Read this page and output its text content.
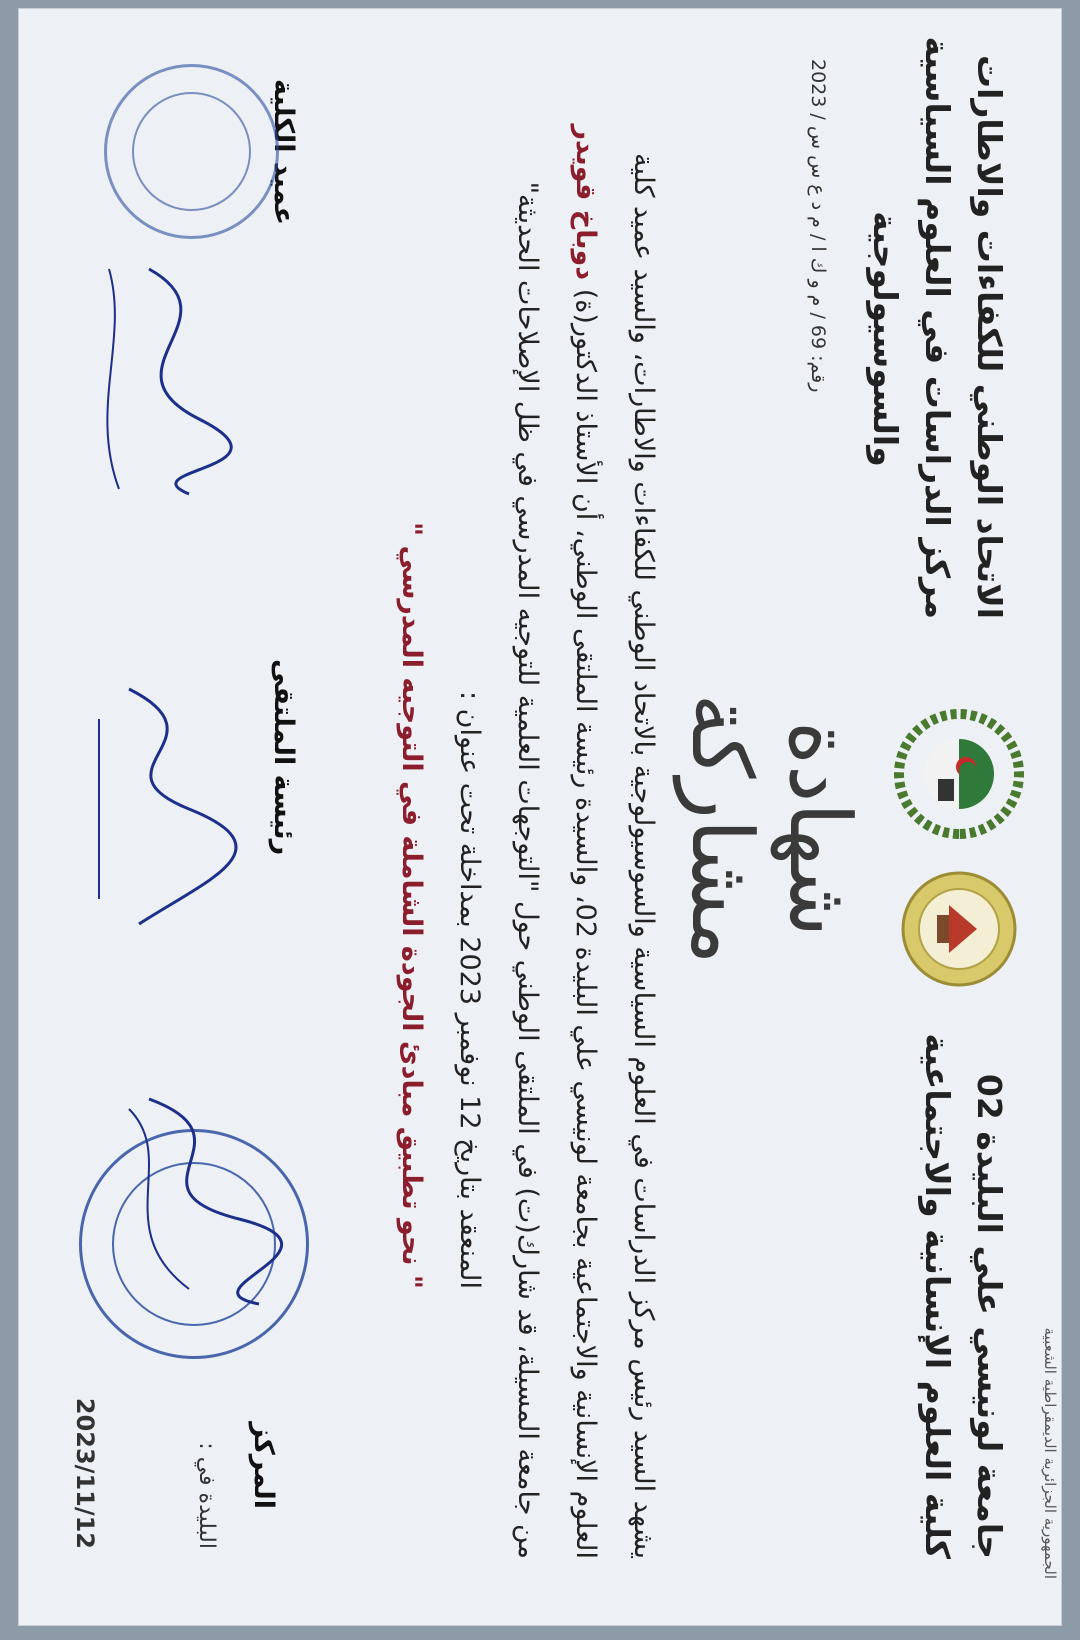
الجمهورية الجزائرية الديمقراطية الشعبية
جامعة لونيسي علي البليدة 02
كلية العلوم الإنسانية والاجتماعية
الاتحاد الوطني للكفاءات والاطارات
مركز الدراسات في العلوم السياسية
والسوسيولوجية
رقم: 69 / م و ك ا / م د ع س س / 2023
شهادة مشاركة
يشهد السيد رئيس مركز الدراسات في العلوم السياسية والسوسيولوجية بالاتحاد الوطني للكفاءات والاطارات، والسيد عميد كلية
العلوم الإنسانية والاجتماعية بجامعة لونيسي علي البليدة 02، والسيدة رئيسة الملتقى الوطني، أن الأستاذ الدكتور(ة) دوباخ قويدر
من جامعة المسيلة، قد شارك(ت) في الملتقى الوطني حول "التوجهات العلمية للتوجيه المدرسي في ظل الإصلاحات الحديثة"
المنعقد بتاريخ 12 نوفمبر 2023 بمداخلة تحت عنوان :
" نحو تطبيق مبادئ الجودة الشاملة في التوجيه المدرسي "
البليدة في :
2023/11/12	المركز
رئيسة الملتقى
عميد الكلية
